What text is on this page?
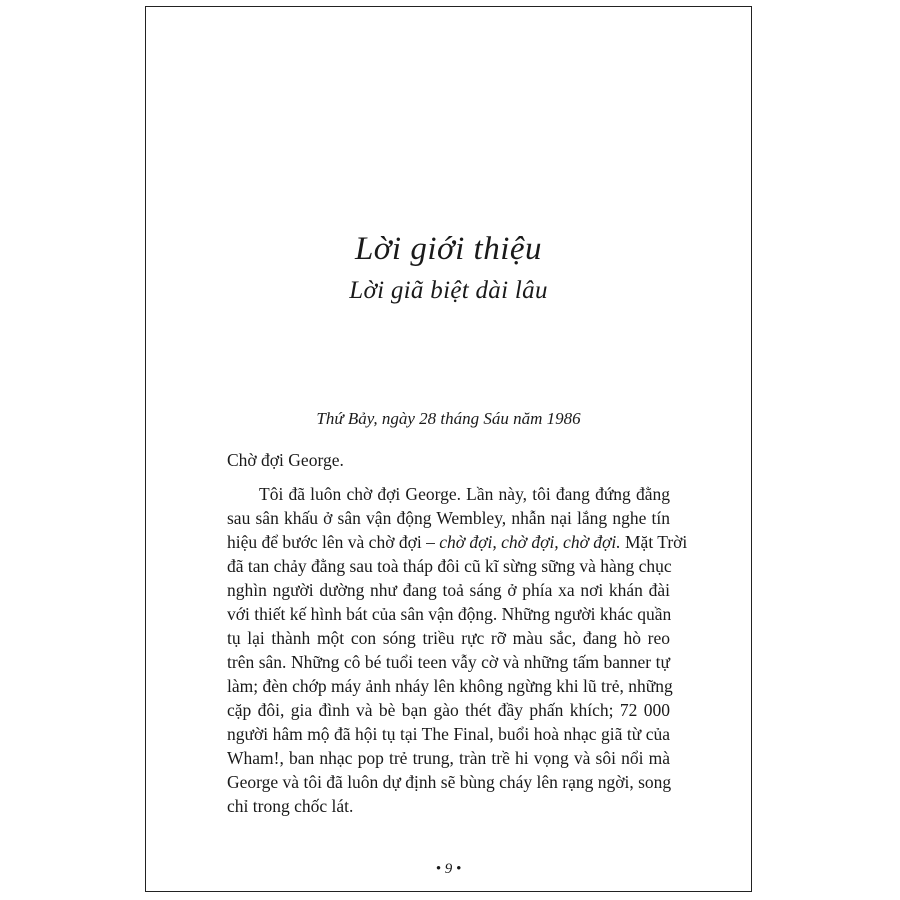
Lời giới thiệu
Lời giã biệt dài lâu
Thứ Bảy, ngày 28 tháng Sáu năm 1986
Chờ đợi George.

Tôi đã luôn chờ đợi George. Lần này, tôi đang đứng đằng
sau sân khấu ở sân vận động Wembley, nhẫn nại lắng nghe tín
hiệu để bước lên và chờ đợi – chờ đợi, chờ đợi, chờ đợi. Mặt Trời
đã tan chảy đằng sau toà tháp đôi cũ kĩ sừng sững và hàng chục
nghìn người dường như đang toả sáng ở phía xa nơi khán đài
với thiết kế hình bát của sân vận động. Những người khác quần
tụ lại thành một con sóng triều rực rỡ màu sắc, đang hò reo
trên sân. Những cô bé tuổi teen vẫy cờ và những tấm banner tự
làm; đèn chớp máy ảnh nháy lên không ngừng khi lũ trẻ, những
cặp đôi, gia đình và bè bạn gào thét đầy phấn khích; 72 000
người hâm mộ đã hội tụ tại The Final, buổi hoà nhạc giã từ của
Wham!, ban nhạc pop trẻ trung, tràn trề hi vọng và sôi nổi mà
George và tôi đã luôn dự định sẽ bùng cháy lên rạng ngời, song
chỉ trong chốc lát.

• 9 •
